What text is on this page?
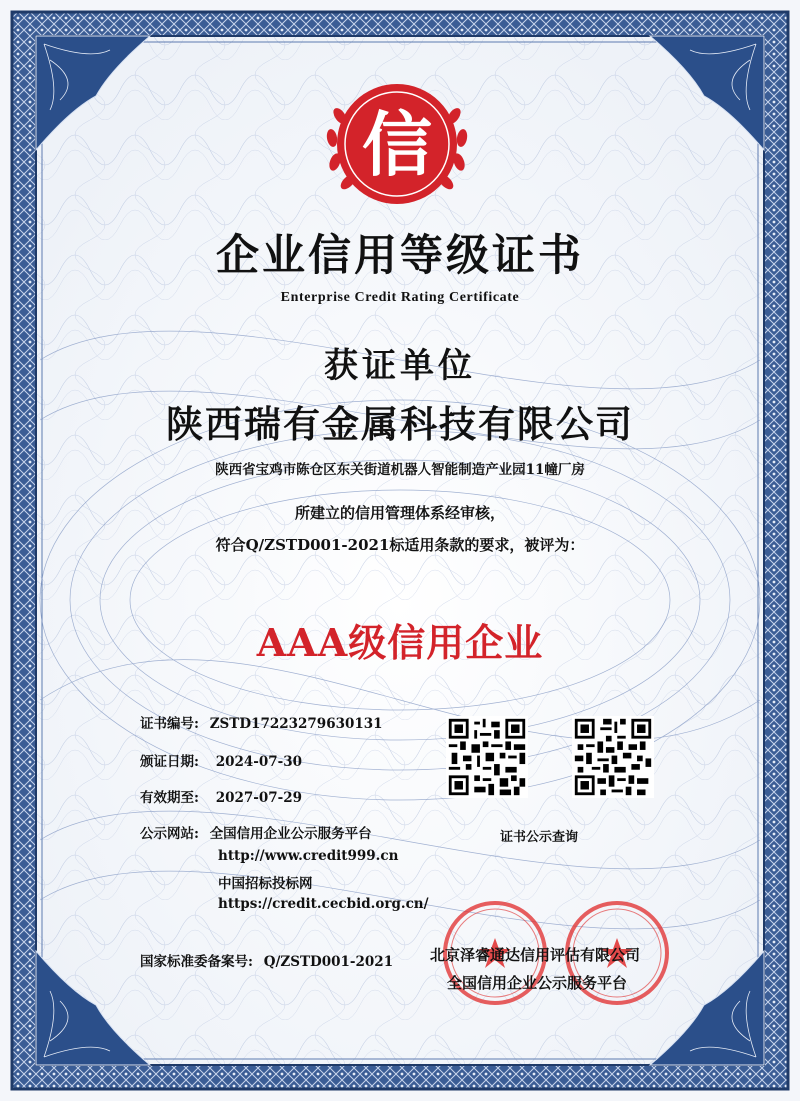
信
企业信用等级证书
Enterprise Credit Rating Certificate
获证单位
陕西瑞有金属科技有限公司
陕西省宝鸡市陈仓区东关街道机器人智能制造产业园11幢厂房
所建立的信用管理体系经审核，
符合Q/ZSTD001-2021标适用条款的要求，被评为：
AAA级信用企业
证书编号: ZSTD17223279630131
颁证日期: 2024-07-30
有效期至: 2027-07-29
公示网站: 全国信用企业公示服务平台
http://www.credit999.cn
中国招标投标网
https://credit.cecbid.org.cn/
国家标准委备案号: Q/ZSTD001-2021
证书公示查询
北京泽睿通达信用评估有限公司
全国信用企业公示服务平台
